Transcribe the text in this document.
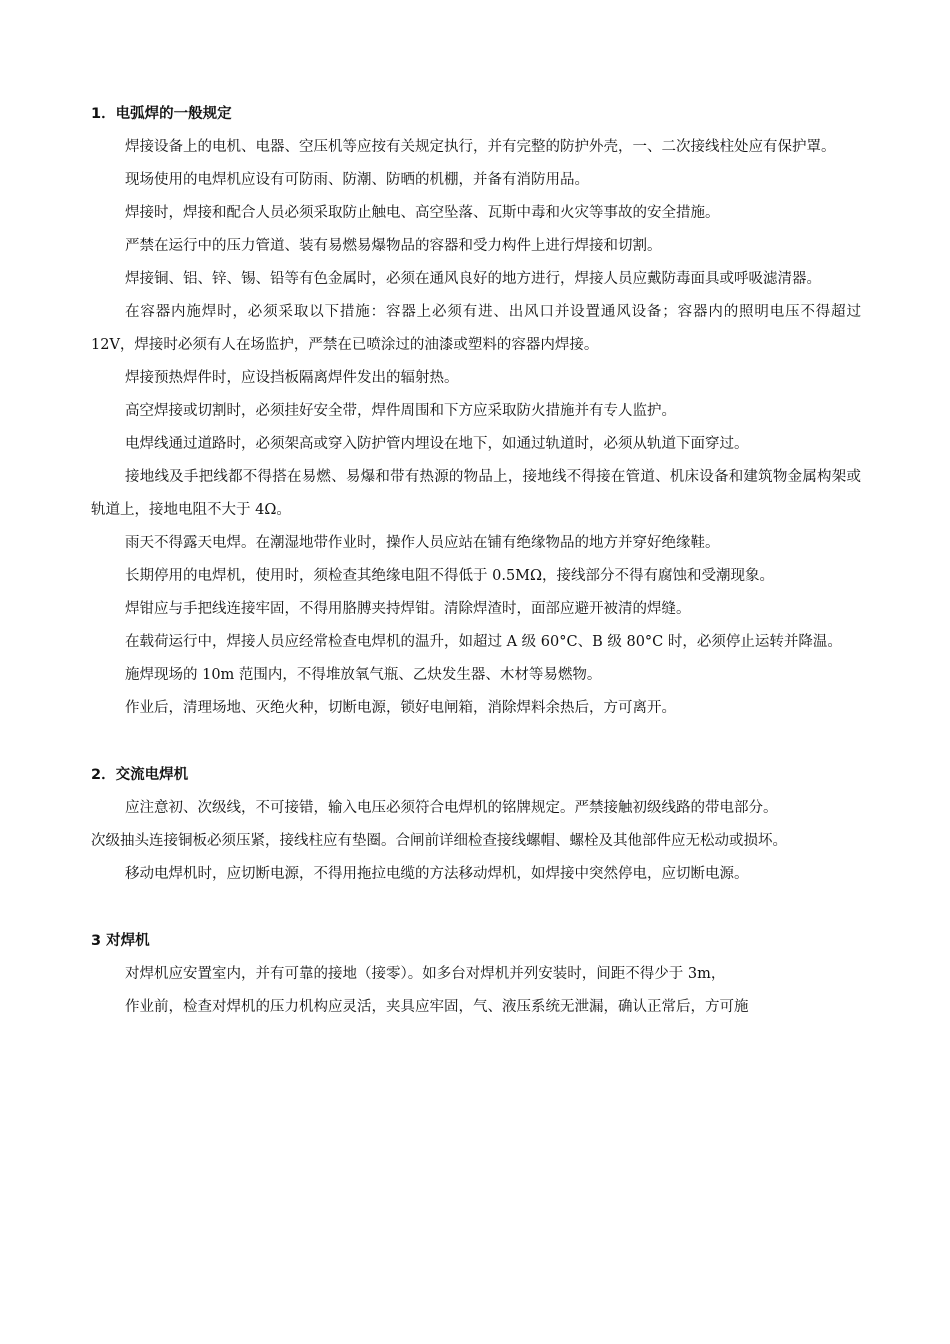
1．电弧焊的一般规定

焊接设备上的电机、电器、空压机等应按有关规定执行，并有完整的防护外壳，一、二次接线柱处应有保护罩。

现场使用的电焊机应设有可防雨、防潮、防晒的机棚，并备有消防用品。

焊接时，焊接和配合人员必须采取防止触电、高空坠落、瓦斯中毒和火灾等事故的安全措施。

严禁在运行中的压力管道、装有易燃易爆物品的容器和受力构件上进行焊接和切割。

焊接铜、铝、锌、锡、铅等有色金属时，必须在通风良好的地方进行，焊接人员应戴防毒面具或呼吸滤清器。

在容器内施焊时，必须采取以下措施：容器上必须有进、出风口并设置通风设备；容器内的照明电压不得超过 12V，焊接时必须有人在场监护，严禁在已喷涂过的油漆或塑料的容器内焊接。

焊接预热焊件时，应设挡板隔离焊件发出的辐射热。

高空焊接或切割时，必须挂好安全带，焊件周围和下方应采取防火措施并有专人监护。

电焊线通过道路时，必须架高或穿入防护管内埋设在地下，如通过轨道时，必须从轨道下面穿过。

接地线及手把线都不得搭在易燃、易爆和带有热源的物品上，接地线不得接在管道、机床设备和建筑物金属构架或轨道上，接地电阻不大于 4Ω。

雨天不得露天电焊。在潮湿地带作业时，操作人员应站在铺有绝缘物品的地方并穿好绝缘鞋。

长期停用的电焊机，使用时，须检查其绝缘电阻不得低于 0.5MΩ，接线部分不得有腐蚀和受潮现象。

焊钳应与手把线连接牢固，不得用胳膊夹持焊钳。清除焊渣时，面部应避开被清的焊缝。

在载荷运行中，焊接人员应经常检查电焊机的温升，如超过 A 级 60°C、B 级 80°C 时，必须停止运转并降温。

施焊现场的 10m 范围内，不得堆放氧气瓶、乙炔发生器、木材等易燃物。

作业后，清理场地、灭绝火种，切断电源，锁好电闸箱，消除焊料余热后，方可离开。

2．交流电焊机

应注意初、次级线，不可接错，输入电压必须符合电焊机的铭牌规定。严禁接触初级线路的带电部分。

次级抽头连接铜板必须压紧，接线柱应有垫圈。合闸前详细检查接线螺帽、螺栓及其他部件应无松动或损坏。

移动电焊机时，应切断电源，不得用拖拉电缆的方法移动焊机，如焊接中突然停电，应切断电源。

3 对焊机

对焊机应安置室内，并有可靠的接地（接零）。如多台对焊机并列安装时，间距不得少于 3m，

作业前，检查对焊机的压力机构应灵活，夹具应牢固，气、液压系统无泄漏，确认正常后，方可施
